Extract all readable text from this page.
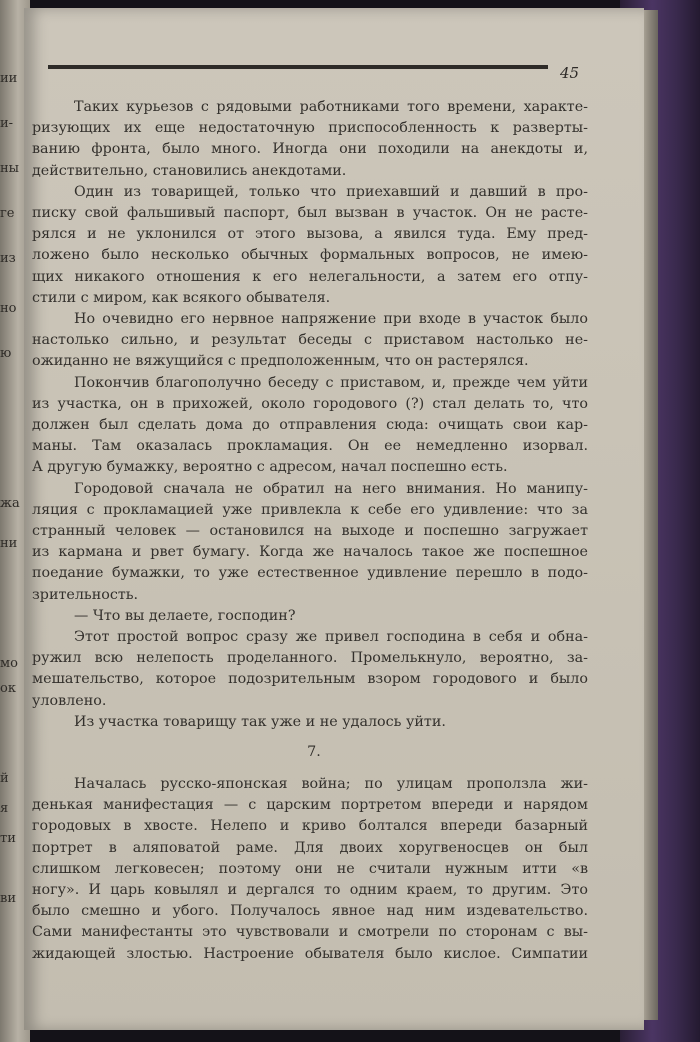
ии
и-
ны
ге
из
но
ю
жа
ни
мо
ок
й
я
ти
ви
45
Таких курьезов с рядовыми работниками того времени, характе-
ризующих их еще недостаточную приспособленность к разверты-
ванию фронта, было много. Иногда они походили на анекдоты и,
действительно, становились анекдотами.
Один из товарищей, только что приехавший и давший в про-
писку свой фальшивый паспорт, был вызван в участок. Он не расте-
рялся и не уклонился от этого вызова, а явился туда. Ему пред-
ложено было несколько обычных формальных вопросов, не имею-
щих никакого отношения к его нелегальности, а затем его отпу-
стили с миром, как всякого обывателя.
Но очевидно его нервное напряжение при входе в участок было
настолько сильно, и результат беседы с приставом настолько не-
ожиданно не вяжущийся с предположенным, что он растерялся.
Покончив благополучно беседу с приставом, и, прежде чем уйти
из участка, он в прихожей, около городового (?) стал делать то, что
должен был сделать дома до отправления сюда: очищать свои кар-
маны. Там оказалась прокламация. Он ее немедленно изорвал.
А другую бумажку, вероятно с адресом, начал поспешно есть.
Городовой сначала не обратил на него внимания. Но манипу-
ляция с прокламацией уже привлекла к себе его удивление: что за
странный человек — остановился на выходе и поспешно загружает
из кармана и рвет бумагу. Когда же началось такое же поспешное
поедание бумажки, то уже естественное удивление перешло в подо-
зрительность.
— Что вы делаете, господин?
Этот простой вопрос сразу же привел господина в себя и обна-
ружил всю нелепость проделанного. Промелькнуло, вероятно, за-
мешательство, которое подозрительным взором городового и было
уловлено.
Из участка товарищу так уже и не удалось уйти.
7.
Началась русско-японская война; по улицам проползла жи-
денькая манифестация — с царским портретом впереди и нарядом
городовых в хвосте. Нелепо и криво болтался впереди базарный
портрет в аляповатой раме. Для двоих хоругвеносцев он был
слишком легковесен; поэтому они не считали нужным итти «в
ногу». И царь ковылял и дергался то одним краем, то другим. Это
было смешно и убого. Получалось явное над ним издевательство.
Сами манифестанты это чувствовали и смотрели по сторонам с вы-
жидающей злостью. Настроение обывателя было кислое. Симпатии
